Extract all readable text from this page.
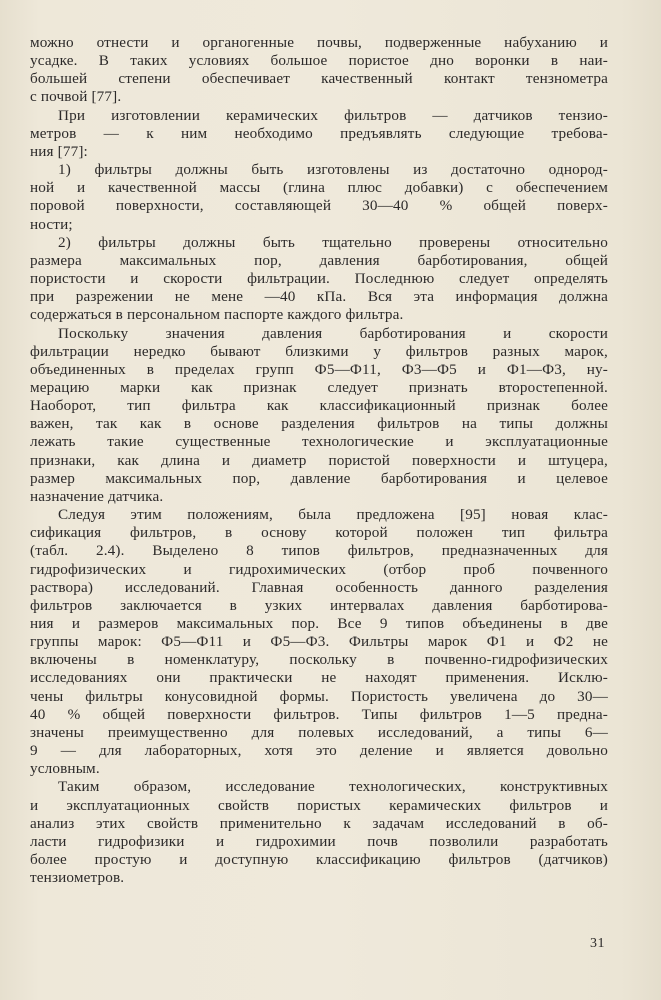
можно отнести и органогенные почвы, подверженные набуханию и
усадке. В таких условиях большое пористое дно воронки в наи-
большей степени обеспечивает качественный контакт тензнометра
с почвой [77].

При изготовлении керамических фильтров — датчиков тензио-
метров — к ним необходимо предъявлять следующие требова-
ния [77]:

1) фильтры должны быть изготовлены из достаточно однород-
ной и качественной массы (глина плюс добавки) с обеспечением
поровой поверхности, составляющей 30—40 % общей поверх-
ности;

2) фильтры должны быть тщательно проверены относительно
размера максимальных пор, давления барботирования, общей
пористости и скорости фильтрации. Последнюю следует определять
при разрежении не мене —40 кПа. Вся эта информация должна
содержаться в персональном паспорте каждого фильтра.

Поскольку значения давления барботирования и скорости
фильтрации нередко бывают близкими у фильтров разных марок,
объединенных в пределах групп Ф5—Ф11, Ф3—Ф5 и Ф1—Ф3, ну-
мерацию марки как признак следует признать второстепенной.
Наоборот, тип фильтра как классификационный признак более
важен, так как в основе разделения фильтров на типы должны
лежать такие существенные технологические и эксплуатационные
признаки, как длина и диаметр пористой поверхности и штуцера,
размер максимальных пор, давление барботирования и целевое
назначение датчика.

Следуя этим положениям, была предложена [95] новая клас-
сификация фильтров, в основу которой положен тип фильтра
(табл. 2.4). Выделено 8 типов фильтров, предназначенных для
гидрофизических и гидрохимических (отбор проб почвенного
раствора) исследований. Главная особенность данного разделения
фильтров заключается в узких интервалах давления барботирова-
ния и размеров максимальных пор. Все 9 типов объединены в две
группы марок: Ф5—Ф11 и Ф5—Ф3. Фильтры марок Ф1 и Ф2 не
включены в номенклатуру, поскольку в почвенно-гидрофизических
исследованиях они практически не находят применения. Исклю-
чены фильтры конусовидной формы. Пористость увеличена до 30—
40 % общей поверхности фильтров. Типы фильтров 1—5 предна-
значены преимущественно для полевых исследований, а типы 6—
9 — для лабораторных, хотя это деление и является довольно
условным.

Таким образом, исследование технологических, конструктивных
и эксплуатационных свойств пористых керамических фильтров и
анализ этих свойств применительно к задачам исследований в об-
ласти гидрофизики и гидрохимии почв позволили разработать
более простую и доступную классификацию фильтров (датчиков)
тензиометров.

31
